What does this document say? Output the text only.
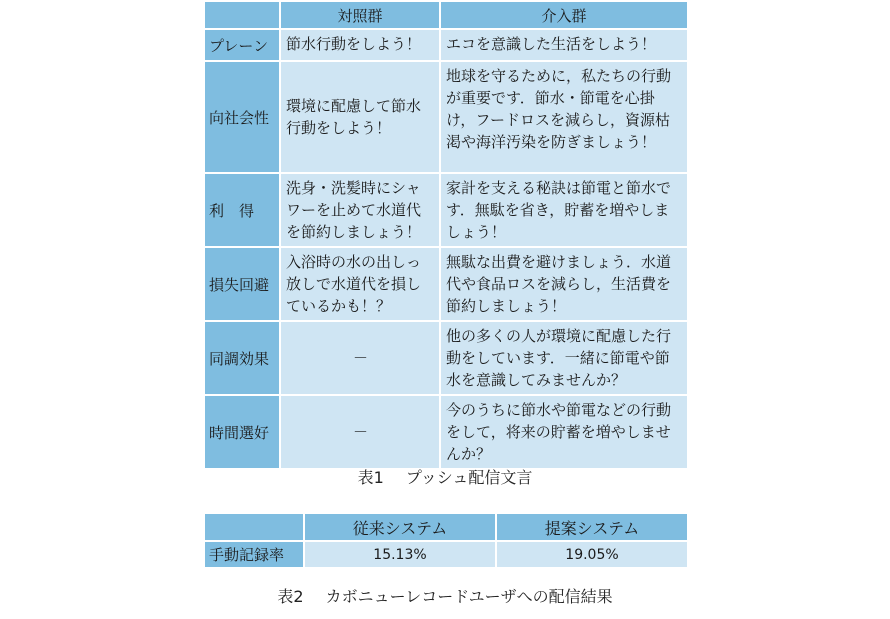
	対照群	介入群
プレーン	節水行動をしよう！	エコを意識した生活をしよう！
向社会性	環境に配慮して節水行動をしよう！	地球を守るために，私たちの行動が重要です．節水・節電を心掛け，フードロスを減らし，資源枯渇や海洋汚染を防ぎましょう！
利　得	洗身・洗髪時にシャワーを止めて水道代を節約しましょう！	家計を支える秘訣は節電と節水です．無駄を省き，貯蓄を増やしましょう！
損失回避	入浴時の水の出しっ放しで水道代を損しているかも！？	無駄な出費を避けましょう．水道代や食品ロスを減らし，生活費を節約しましょう！
同調効果	－	他の多くの人が環境に配慮した行動をしています．一緒に節電や節水を意識してみませんか？
時間選好	－	今のうちに節水や節電などの行動をして，将来の貯蓄を増やしませんか？
表1 プッシュ配信文言
	従来システム	提案システム
手動記録率	15.13%	19.05%
表2 カボニューレコードユーザへの配信結果
